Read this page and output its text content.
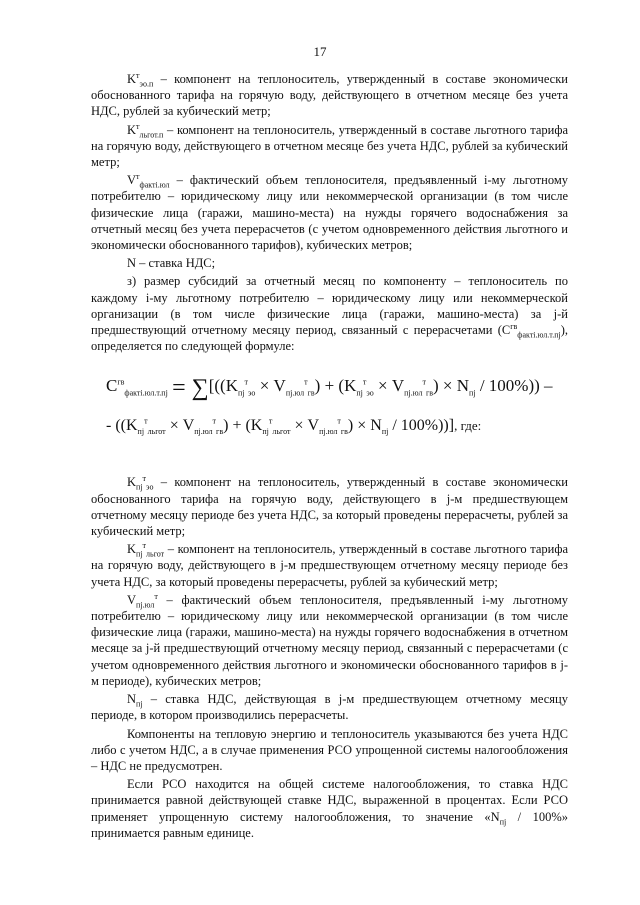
17

$K^т_{эо.п}$ – компонент на теплоноситель, утвержденный в составе экономически обоснованного тарифа на горячую воду, действующего в отчетном месяце без учета НДС, рублей за кубический метр;

$K^т_{льгот.п}$ – компонент на теплоноситель, утвержденный в составе льготного тарифа на горячую воду, действующего в отчетном месяце без учета НДС, рублей за кубический метр;

$V^т_{факті.юл}$ – фактический объем теплоносителя, предъявленный i-му льготному потребителю – юридическому лицу или некоммерческой организации (в том числе физические лица (гаражи, машино-места) на нужды горячего водоснабжения за отчетный месяц без учета перерасчетов (с учетом одновременного действия льготного и экономически обоснованного тарифов), кубических метров;

N – ставка НДС;

з) размер субсидий за отчетный месяц по компоненту – теплоноситель по каждому i-му льготному потребителю – юридическому лицу или некоммерческой организации (в том числе физические лица (гаражи, машино-места) за j-й предшествующий отчетному месяцу период, связанный с перерасчетами $(С^{гв}_{факті.юл.т.пj})$, определяется по следующей формуле:

$C^{гв}_{факті.юл.т.пj} = \sum[((K_{пj}^т_{эо} \times V_{пj.юл}^т_{гв}) + (K_{пj}^т_{эо} \times V_{пj.юл}^т_{гв}) \times N_{пj} / 100\%))$ –
- $((K_{пj}^т_{льгот} \times V_{пj.юл}^т_{гв}) + (K_{пj}^т_{льгот} \times V_{пj.юл}^т_{гв}) \times N_{пj} / 100\%)$)], где:

$K_{пj}^т_{эо}$ – компонент на теплоноситель, утвержденный в составе экономически обоснованного тарифа на горячую воду, действующего в j-м предшествующем отчетному месяцу периоде без учета НДС, за который проведены перерасчеты, рублей за кубический метр;

$K_{пj}^т_{льгот}$ – компонент на теплоноситель, утвержденный в составе льготного тарифа на горячую воду, действующего в j-м предшествующем отчетному месяцу периоде без учета НДС, за который проведены перерасчеты, рублей за кубический метр;

$V_{пj.юл}^т$ – фактический объем теплоносителя, предъявленный i-му льготному потребителю – юридическому лицу или некоммерческой организации (в том числе физические лица (гаражи, машино-места) на нужды горячего водоснабжения в отчетном месяце за j-й предшествующий отчетному месяцу период, связанный с перерасчетами (с учетом одновременного действия льготного и экономически обоснованного тарифов в j-м периоде), кубических метров;

$N_{пj}$ – ставка НДС, действующая в j-м предшествующем отчетному месяцу периоде, в котором производились перерасчеты.

Компоненты на тепловую энергию и теплоноситель указываются без учета НДС либо с учетом НДС, а в случае применения РСО упрощенной системы налогообложения – НДС не предусмотрен.

Если РСО находится на общей системе налогообложения, то ставка НДС принимается равной действующей ставке НДС, выраженной в процентах. Если РСО применяет упрощенную систему налогообложения, то значение «$N_{пj} / 100\%$» принимается равным единице.
